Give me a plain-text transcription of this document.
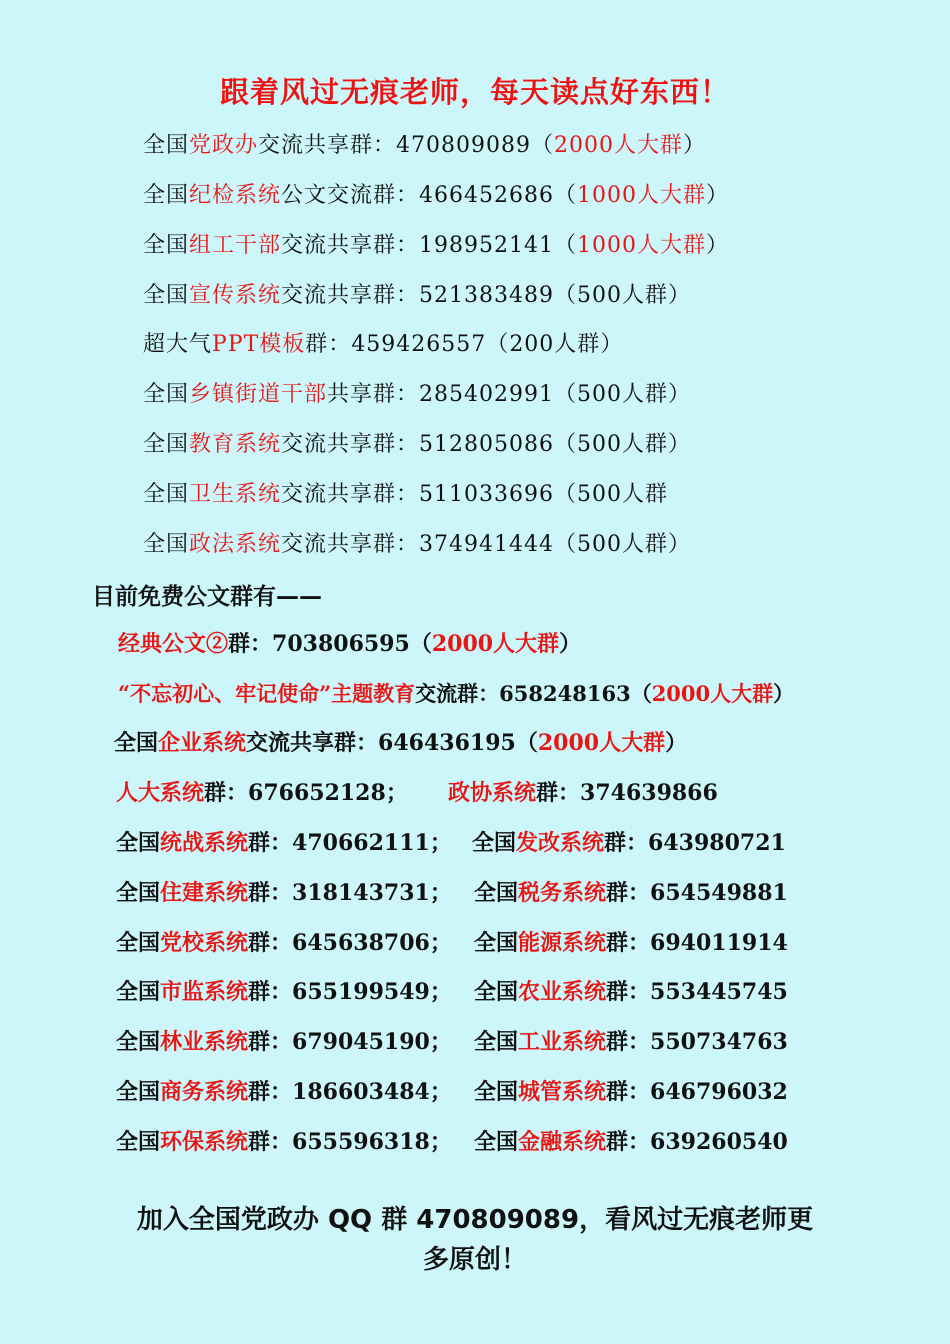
跟着风过无痕老师，每天读点好东西！
全国党政办交流共享群：470809089（2000人大群）
全国纪检系统公文交流群：466452686（1000人大群）
全国组工干部交流共享群：198952141（1000人大群）
全国宣传系统交流共享群：521383489（500人群）
超大气PPT模板群：459426557（200人群）
全国乡镇街道干部共享群：285402991（500人群）
全国教育系统交流共享群：512805086（500人群）
全国卫生系统交流共享群：511033696（500人群
全国政法系统交流共享群：374941444（500人群）
目前免费公文群有——
经典公文②群：703806595（2000人大群）
“不忘初心、牢记使命”主题教育交流群：658248163（2000人大群）
全国企业系统交流共享群：646436195（2000人大群）
人大系统群：676652128； 政协系统群：374639866
全国统战系统群：470662111； 全国发改系统群：643980721
全国住建系统群：318143731； 全国税务系统群：654549881
全国党校系统群：645638706； 全国能源系统群：694011914
全国市监系统群：655199549； 全国农业系统群：553445745
全国林业系统群：679045190； 全国工业系统群：550734763
全国商务系统群：186603484； 全国城管系统群：646796032
全国环保系统群：655596318； 全国金融系统群：639260540
加入全国党政办 QQ 群 470809089，看风过无痕老师更
多原创！
